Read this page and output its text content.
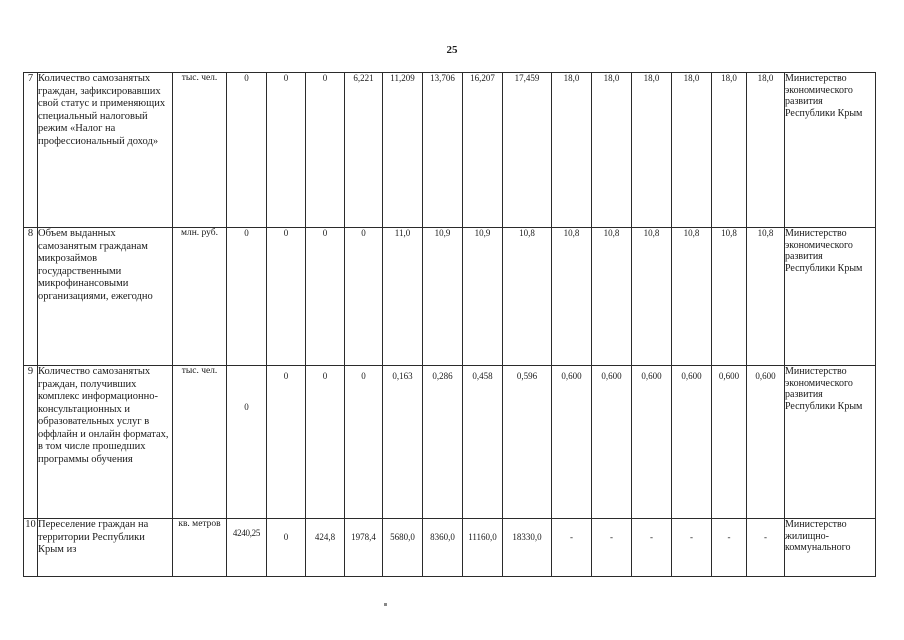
25
7	Количество самозанятых граждан, зафиксировавших свой статус и применяющих специальный налоговый режим «Налог на профессиональный доход»	тыс. чел.	0	0	0	6,221	11,209	13,706	16,207	17,459	18,0	18,0	18,0	18,0	18,0	18,0	Министерство экономического развития Республики Крым
8	Объем выданных самозанятым гражданам микрозаймов государственными микрофинансовыми организациями, ежегодно	млн. руб.	0	0	0	0	11,0	10,9	10,9	10,8	10,8	10,8	10,8	10,8	10,8	10,8	Министерство экономического развития Республики Крым
9	Количество самозанятых граждан, получивших комплекс информационно-консультационных и образовательных услуг в оффлайн и онлайн форматах, в том числе прошедших программы обучения	тыс. чел.	0	0	0	0	0,163	0,286	0,458	0,596	0,600	0,600	0,600	0,600	0,600	0,600	Министерство экономического развития Республики Крым
10	Переселение граждан на территории Республики Крым из	кв. метров	4240,25	0	424,8	1978,4	5680,0	8360,0	11160,0	18330,0	-	-	-	-	-	-	Министерство жилищно-коммунального
